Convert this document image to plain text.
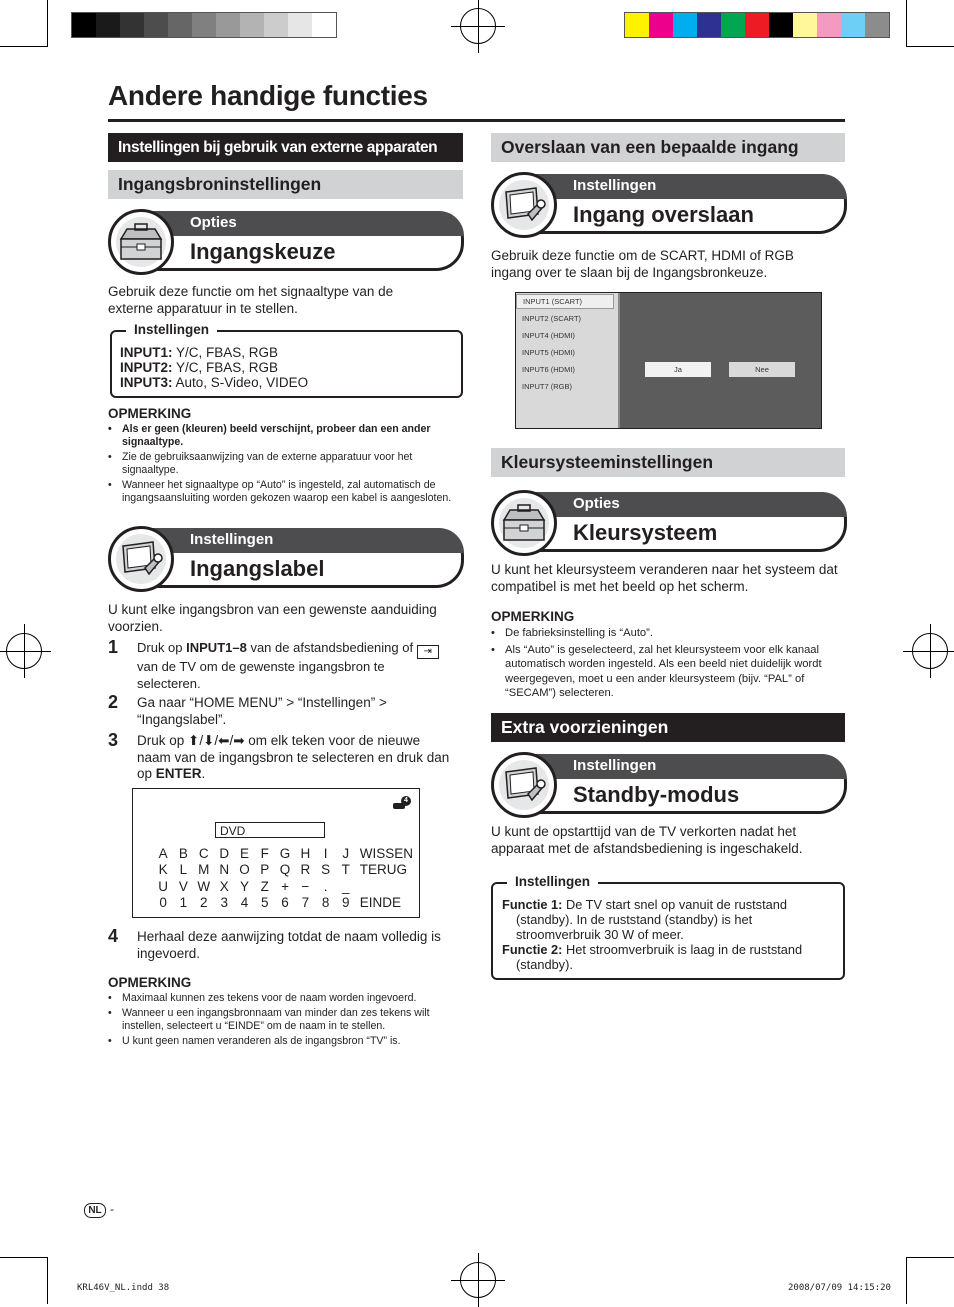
Andere handige functies
Instellingen bij gebruik van externe apparaten
Ingangsbroninstellingen
Opties
Ingangskeuze
Gebruik deze functie om het signaaltype van de externe apparatuur in te stellen.
Instellingen
INPUT1: Y/C, FBAS, RGB
INPUT2: Y/C, FBAS, RGB
INPUT3: Auto, S-Video, VIDEO
OPMERKING
• Als er geen (kleuren) beeld verschijnt, probeer dan een ander signaaltype.
• Zie de gebruiksaanwijzing van de externe apparatuur voor het signaaltype.
• Wanneer het signaaltype op “Auto” is ingesteld, zal automatisch de ingangsaansluiting worden gekozen waarop een kabel is aangesloten.
Instellingen
Ingangslabel
U kunt elke ingangsbron van een gewenste aanduiding voorzien.
1 Druk op INPUT1–8 van de afstandsbediening of ⇥ van de TV om de gewenste ingangsbron te selecteren.
2 Ga naar “HOME MENU” > “Instellingen” > “Ingangslabel”.
3 Druk op ⬆/⬇/⬅/➡ om elk teken voor de nieuwe naam van de ingangsbron te selecteren en druk dan op ENTER.
4
DVD
A	B	C	D	E	F	G	H	I	J	WISSEN
K	L	M	N	O	P	Q	R	S	T	TERUG
U	V	W	X	Y	Z	+	−	.	_	
0	1	2	3	4	5	6	7	8	9	EINDE
4 Herhaal deze aanwijzing totdat de naam volledig is ingevoerd.
OPMERKING
• Maximaal kunnen zes tekens voor de naam worden ingevoerd.
• Wanneer u een ingangsbronnaam van minder dan zes tekens wilt instellen, selecteert u “EINDE” om de naam in te stellen.
• U kunt geen namen veranderen als de ingangsbron “TV” is.
Overslaan van een bepaalde ingang
Instellingen
Ingang overslaan
Gebruik deze functie om de SCART, HDMI of RGB ingang over te slaan bij de Ingangsbronkeuze.
INPUT1 (SCART)
INPUT2 (SCART)
INPUT4 (HDMI)
INPUT5 (HDMI)
INPUT6 (HDMI)
INPUT7 (RGB)
Ja	Nee
Kleursysteeminstellingen
Opties
Kleursysteem
U kunt het kleursysteem veranderen naar het systeem dat compatibel is met het beeld op het scherm.
OPMERKING
• De fabrieksinstelling is “Auto”.
• Als “Auto” is geselecteerd, zal het kleursysteem voor elk kanaal automatisch worden ingesteld. Als een beeld niet duidelijk wordt weergegeven, moet u een ander kleursysteem (bijv. “PAL” of “SECAM”) selecteren.
Extra voorzieningen
Instellingen
Standby-modus
U kunt de opstarttijd van de TV verkorten nadat het apparaat met de afstandsbediening is ingeschakeld.
Instellingen
Functie 1: De TV start snel op vanuit de ruststand (standby). In de ruststand (standby) is het stroomverbruik 30 W of meer.
Functie 2: Het stroomverbruik is laag in de ruststand (standby).
NL -
KRL46V_NL.indd 38	2008/07/09 14:15:20
